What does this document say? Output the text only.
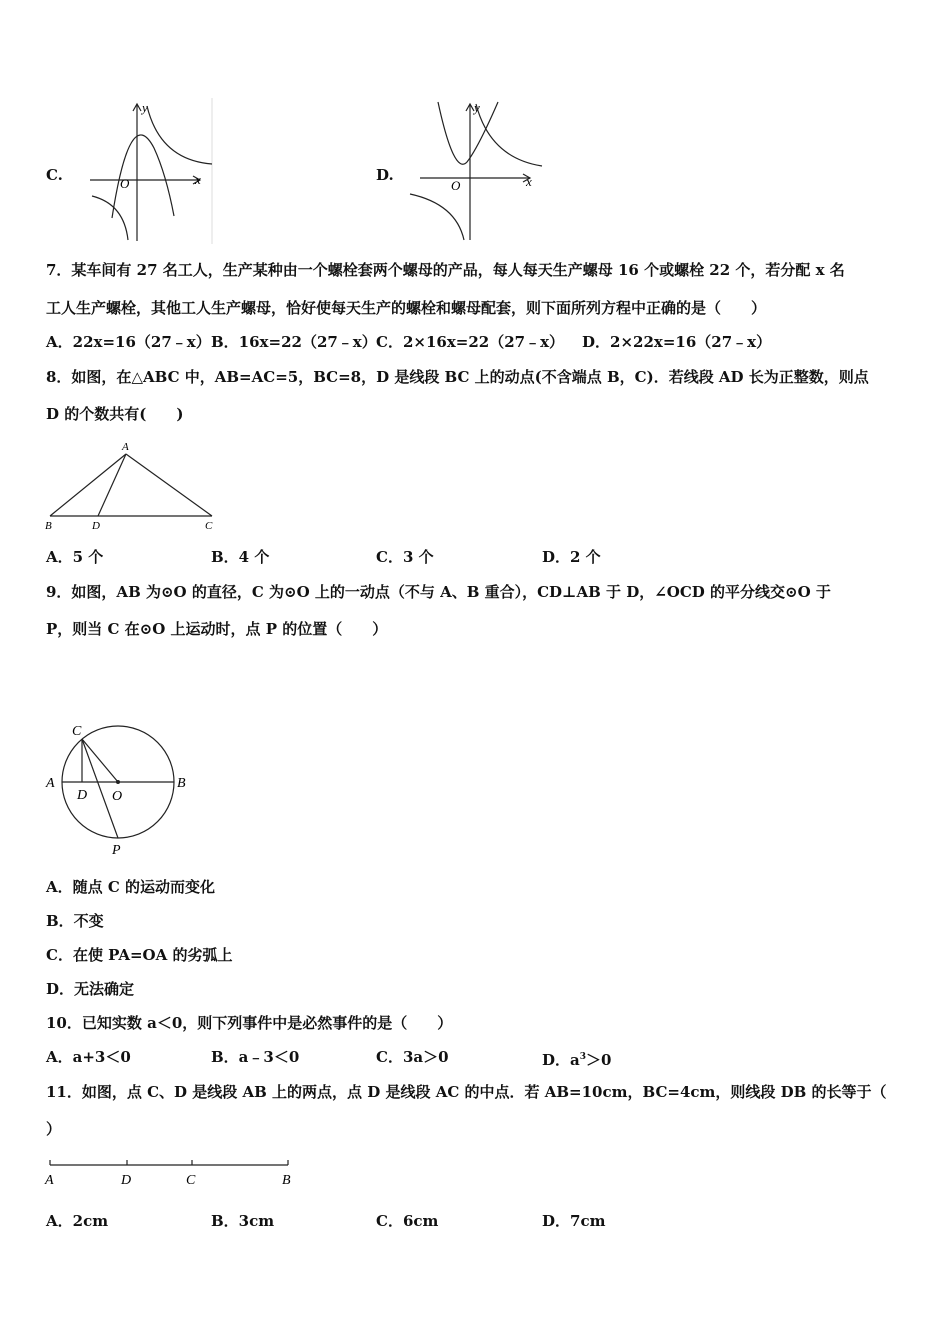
C.
y
x
O	D.
y
x
O
7．某车间有 27 名工人，生产某种由一个螺栓套两个螺母的产品，每人每天生产螺母 16 个或螺栓 22 个，若分配 x 名
工人生产螺栓，其他工人生产螺母，恰好使每天生产的螺栓和螺母配套，则下面所列方程中正确的是（　　）
A．22x=16（27﹣x） B．16x=22（27﹣x） C．2×16x=22（27﹣x） D．2×22x=16（27﹣x）
8．如图，在△ABC 中，AB=AC=5，BC=8，D 是线段 BC 上的动点(不含端点 B，C)．若线段 AD 长为正整数，则点
D 的个数共有(　　)
A
B	D	C
A．5 个	B．4 个	C．3 个	D．2 个
9．如图，AB 为⊙O 的直径，C 为⊙O 上的一动点（不与 A、B 重合），CD⊥AB 于 D，∠OCD 的平分线交⊙O 于
P，则当 C 在⊙O 上运动时，点 P 的位置（　　）
C
A	B
D O
P
A．随点 C 的运动而变化
B．不变
C．在使 PA=OA 的劣弧上
D．无法确定
10．已知实数 a＜0，则下列事件中是必然事件的是（　　）
A．a+3＜0	B．a﹣3＜0	C．3a＞0	D．$a^3>0$
11．如图，点 C、D 是线段 AB 上的两点，点 D 是线段 AC 的中点．若 AB=10cm，BC=4cm，则线段 DB 的长等于（
）
A	D	C	B
A．2cm	B．3cm	C．6cm	D．7cm
